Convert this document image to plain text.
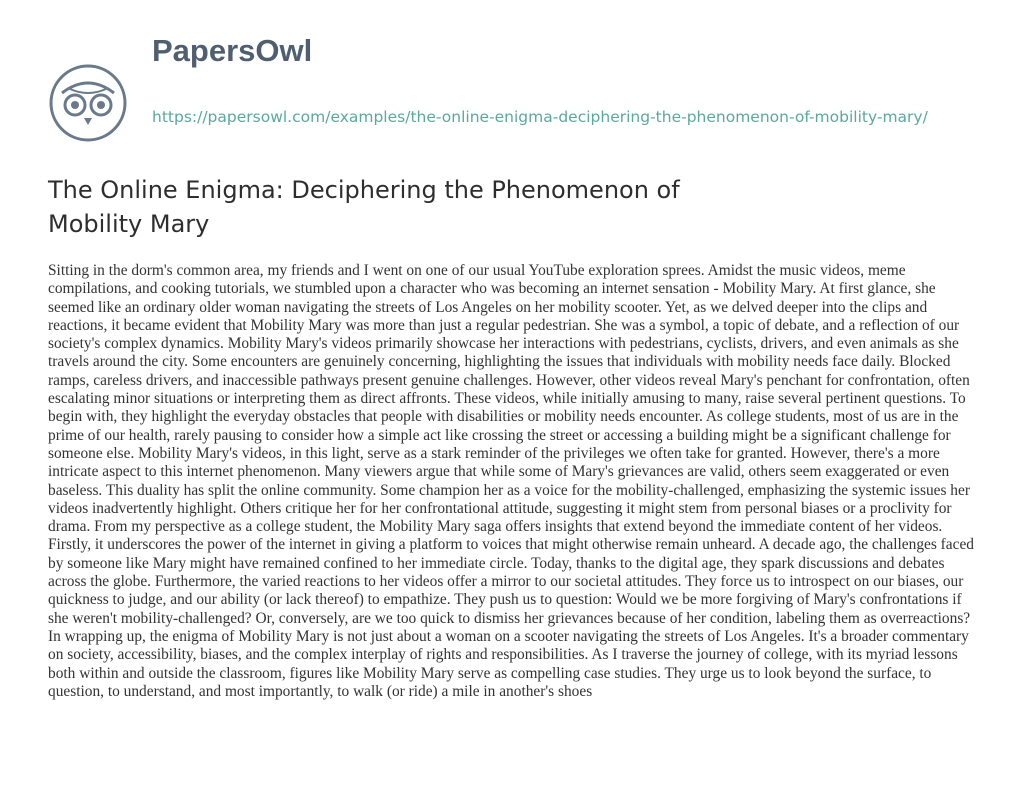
PapersOwl
https://papersowl.com/examples/the-online-enigma-deciphering-the-phenomenon-of-mobility-mary/
The Online Enigma: Deciphering the Phenomenon of Mobility Mary

Sitting in the dorm's common area, my friends and I went on one of our usual YouTube exploration sprees. Amidst the music videos, meme compilations, and cooking tutorials, we stumbled upon a character who was becoming an internet sensation - Mobility Mary. At first glance, she seemed like an ordinary older woman navigating the streets of Los Angeles on her mobility scooter. Yet, as we delved deeper into the clips and reactions, it became evident that Mobility Mary was more than just a regular pedestrian. She was a symbol, a topic of debate, and a reflection of our society's complex dynamics. Mobility Mary's videos primarily showcase her interactions with pedestrians, cyclists, drivers, and even animals as she travels around the city. Some encounters are genuinely concerning, highlighting the issues that individuals with mobility needs face daily. Blocked ramps, careless drivers, and inaccessible pathways present genuine challenges. However, other videos reveal Mary's penchant for confrontation, often escalating minor situations or interpreting them as direct affronts. These videos, while initially amusing to many, raise several pertinent questions. To begin with, they highlight the everyday obstacles that people with disabilities or mobility needs encounter. As college students, most of us are in the prime of our health, rarely pausing to consider how a simple act like crossing the street or accessing a building might be a significant challenge for someone else. Mobility Mary's videos, in this light, serve as a stark reminder of the privileges we often take for granted. However, there's a more intricate aspect to this internet phenomenon. Many viewers argue that while some of Mary's grievances are valid, others seem exaggerated or even baseless. This duality has split the online community. Some champion her as a voice for the mobility-challenged, emphasizing the systemic issues her videos inadvertently highlight. Others critique her for her confrontational attitude, suggesting it might stem from personal biases or a proclivity for drama. From my perspective as a college student, the Mobility Mary saga offers insights that extend beyond the immediate content of her videos. Firstly, it underscores the power of the internet in giving a platform to voices that might otherwise remain unheard. A decade ago, the challenges faced by someone like Mary might have remained confined to her immediate circle. Today, thanks to the digital age, they spark discussions and debates across the globe. Furthermore, the varied reactions to her videos offer a mirror to our societal attitudes. They force us to introspect on our biases, our quickness to judge, and our ability (or lack thereof) to empathize. They push us to question: Would we be more forgiving of Mary's confrontations if she weren't mobility-challenged? Or, conversely, are we too quick to dismiss her grievances because of her condition, labeling them as overreactions? In wrapping up, the enigma of Mobility Mary is not just about a woman on a scooter navigating the streets of Los Angeles. It's a broader commentary on society, accessibility, biases, and the complex interplay of rights and responsibilities. As I traverse the journey of college, with its myriad lessons both within and outside the classroom, figures like Mobility Mary serve as compelling case studies. They urge us to look beyond the surface, to question, to understand, and most importantly, to walk (or ride) a mile in another's shoes
